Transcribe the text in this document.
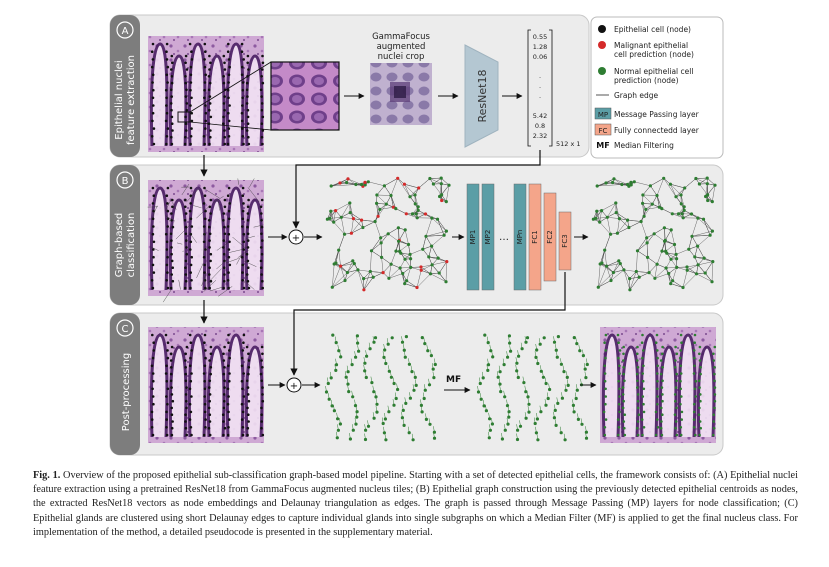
A
B
C
Epithelial nuclei feature extraction
Graph-based classification
Post-processing
GammaFocus
augmented
nuclei crop
ResNet18
0.55
1.28
0.06
.
.
.
5.42
0.8
2.32
512 x 1
Epithelial cell (node)
Malignant epithelial
cell prediction (node)
Normal epithelial cell
prediction (node)
Graph edge
MP Message Passing layer
FC Fully connectedd layer
MF Median Filtering
+	MP1 MP2	MPn FC1 FC2 FC3
…
+
MF

Fig. 1. Overview of the proposed epithelial sub-classification graph-based model pipeline. Starting with a set of detected epithelial cells, the framework consists of: (A) Epithelial nuclei feature extraction using a pretrained ResNet18 from GammaFocus augmented nucleus tiles; (B) Epithelial graph construction using the previously detected epithelial centroids as nodes, the extracted ResNet18 vectors as node embeddings and Delaunay triangulation as edges. The graph is passed through Message Passing (MP) layers for node classification; (C) Epithelial glands are clustered using short Delaunay edges to capture individual glands into single subgraphs on which a Median Filter (MF) is applied to get the final nucleus class. For implementation of the method, a detailed pseudocode is presented in the supplementary material.
